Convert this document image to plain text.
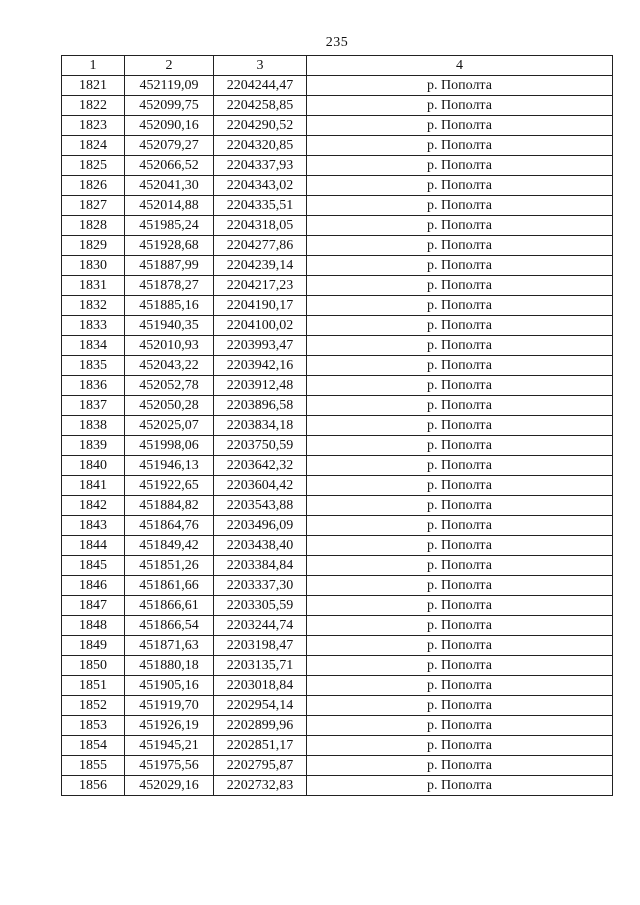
235
1	2	3	4
1821	452119,09	2204244,47	р. Пополта
1822	452099,75	2204258,85	р. Пополта
1823	452090,16	2204290,52	р. Пополта
1824	452079,27	2204320,85	р. Пополта
1825	452066,52	2204337,93	р. Пополта
1826	452041,30	2204343,02	р. Пополта
1827	452014,88	2204335,51	р. Пополта
1828	451985,24	2204318,05	р. Пополта
1829	451928,68	2204277,86	р. Пополта
1830	451887,99	2204239,14	р. Пополта
1831	451878,27	2204217,23	р. Пополта
1832	451885,16	2204190,17	р. Пополта
1833	451940,35	2204100,02	р. Пополта
1834	452010,93	2203993,47	р. Пополта
1835	452043,22	2203942,16	р. Пополта
1836	452052,78	2203912,48	р. Пополта
1837	452050,28	2203896,58	р. Пополта
1838	452025,07	2203834,18	р. Пополта
1839	451998,06	2203750,59	р. Пополта
1840	451946,13	2203642,32	р. Пополта
1841	451922,65	2203604,42	р. Пополта
1842	451884,82	2203543,88	р. Пополта
1843	451864,76	2203496,09	р. Пополта
1844	451849,42	2203438,40	р. Пополта
1845	451851,26	2203384,84	р. Пополта
1846	451861,66	2203337,30	р. Пополта
1847	451866,61	2203305,59	р. Пополта
1848	451866,54	2203244,74	р. Пополта
1849	451871,63	2203198,47	р. Пополта
1850	451880,18	2203135,71	р. Пополта
1851	451905,16	2203018,84	р. Пополта
1852	451919,70	2202954,14	р. Пополта
1853	451926,19	2202899,96	р. Пополта
1854	451945,21	2202851,17	р. Пополта
1855	451975,56	2202795,87	р. Пополта
1856	452029,16	2202732,83	р. Пополта
